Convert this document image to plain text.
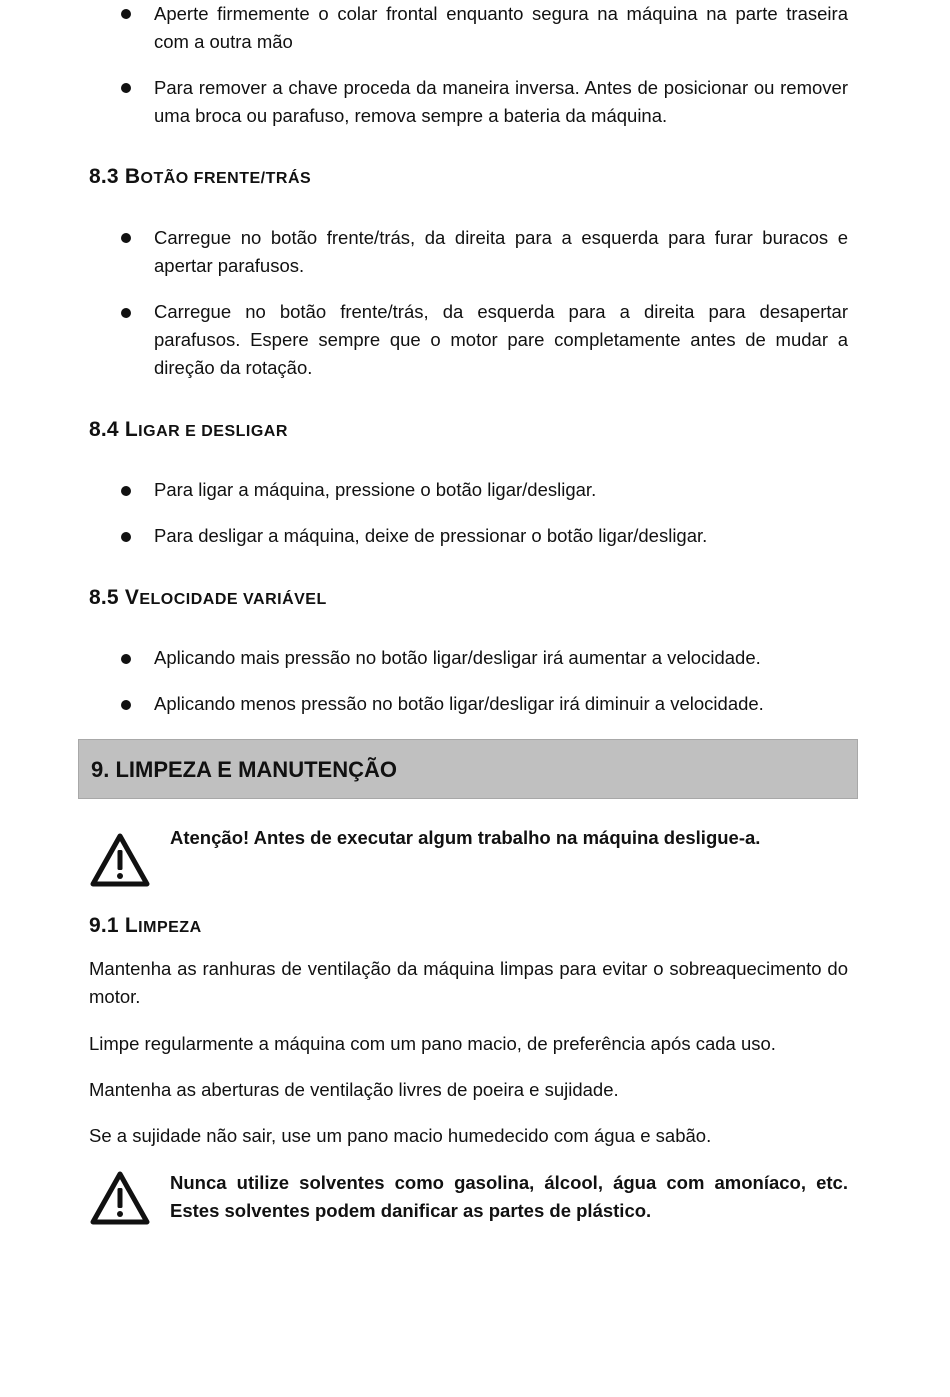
Aperte firmemente o colar frontal enquanto segura na máquina na parte traseira com a outra mão
Para remover a chave proceda da maneira inversa. Antes de posicionar ou remover uma broca ou parafuso, remova sempre a bateria da máquina.
8.3 BOTÃO FRENTE/TRÁS
Carregue no botão frente/trás, da direita para a esquerda para furar buracos e apertar parafusos.
Carregue no botão frente/trás, da esquerda para a direita para desapertar parafusos. Espere sempre que o motor pare completamente antes de mudar a direção da rotação.
8.4 LIGAR E DESLIGAR
Para ligar a máquina, pressione o botão ligar/desligar.
Para desligar a máquina, deixe de pressionar o botão ligar/desligar.
8.5 VELOCIDADE VARIÁVEL
Aplicando mais pressão no botão ligar/desligar irá aumentar a velocidade.
Aplicando menos pressão no botão ligar/desligar irá diminuir a velocidade.
9. LIMPEZA E MANUTENÇÃO
Atenção! Antes de executar algum trabalho na máquina desligue-a.
9.1 LIMPEZA
Mantenha as ranhuras de ventilação da máquina limpas para evitar o sobreaquecimento do motor.
Limpe regularmente a máquina com um pano macio, de preferência após cada uso.
Mantenha as aberturas de ventilação livres de poeira e sujidade.
Se a sujidade não sair, use um pano macio humedecido com água e sabão.
Nunca utilize solventes como gasolina, álcool, água com amoníaco, etc. Estes solventes podem danificar as partes de plástico.
